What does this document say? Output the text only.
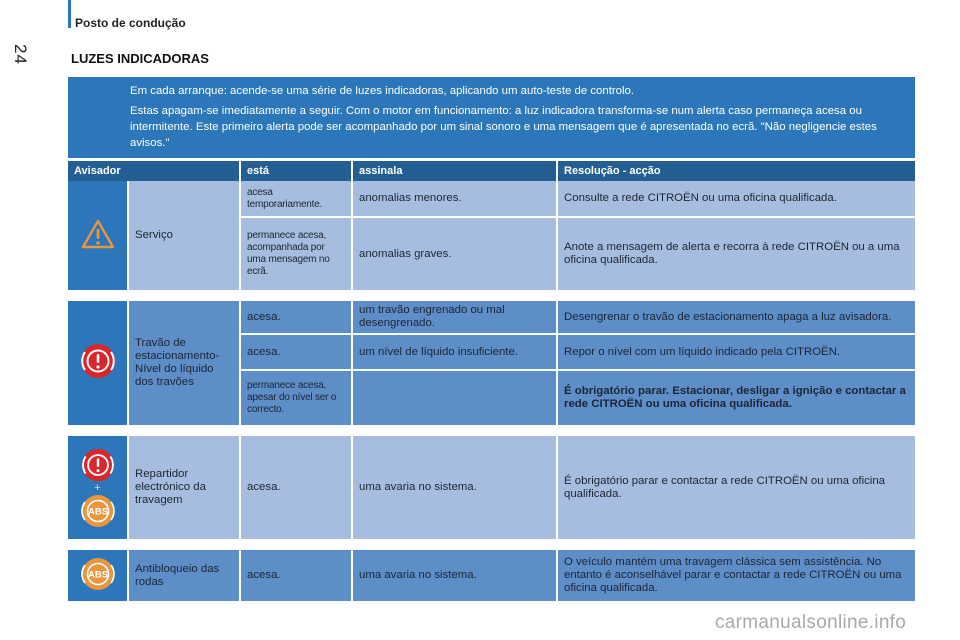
Posto de condução
24	LUZES INDICADORAS

Em cada arranque: acende-se uma série de luzes indicadoras, aplicando um auto-teste de controlo.

Estas apagam-se imediatamente a seguir. Com o motor em funcionamento: a luz indicadora transforma-se num alerta caso permaneça acesa ou intermitente. Este primeiro alerta pode ser acompanhado por um sinal sonoro e uma mensagem que é apresentada no ecrã. "Não negligencie estes avisos."

Avisador		está	assinala	Resolução - acção
	Serviço	acesa temporariamente.	anomalias menores.	Consulte a rede CITROËN ou uma oficina qualificada.
		permanece acesa, acompanhada por uma mensagem no ecrã.	anomalias graves.	Anote a mensagem de alerta e recorra à rede CITROËN ou a uma oficina qualificada.

	Travão de estacionamento- Nível do líquido dos travões	acesa.	um travão engrenado ou mal desengrenado.	Desengrenar o travão de estacionamento apaga a luz avisadora.
		acesa.	um nível de líquido insuficiente.	Repor o nível com um líquido indicado pela CITROËN.
		permanece acesa, apesar do nível ser o correcto.		É obrigatório parar. Estacionar, desligar a ignição e contactar a rede CITROËN ou uma oficina qualificada.

+
ABS	Repartidor electrónico da travagem	acesa.	uma avaria no sistema.	É obrigatório parar e contactar a rede CITROËN ou uma oficina qualificada.

ABS	Antibloqueio das rodas	acesa.	uma avaria no sistema.	O veículo mantém uma travagem clássica sem assistência. No entanto é aconselhável parar e contactar a rede CITROËN ou uma oficina qualificada.
carmanualsonline.info
